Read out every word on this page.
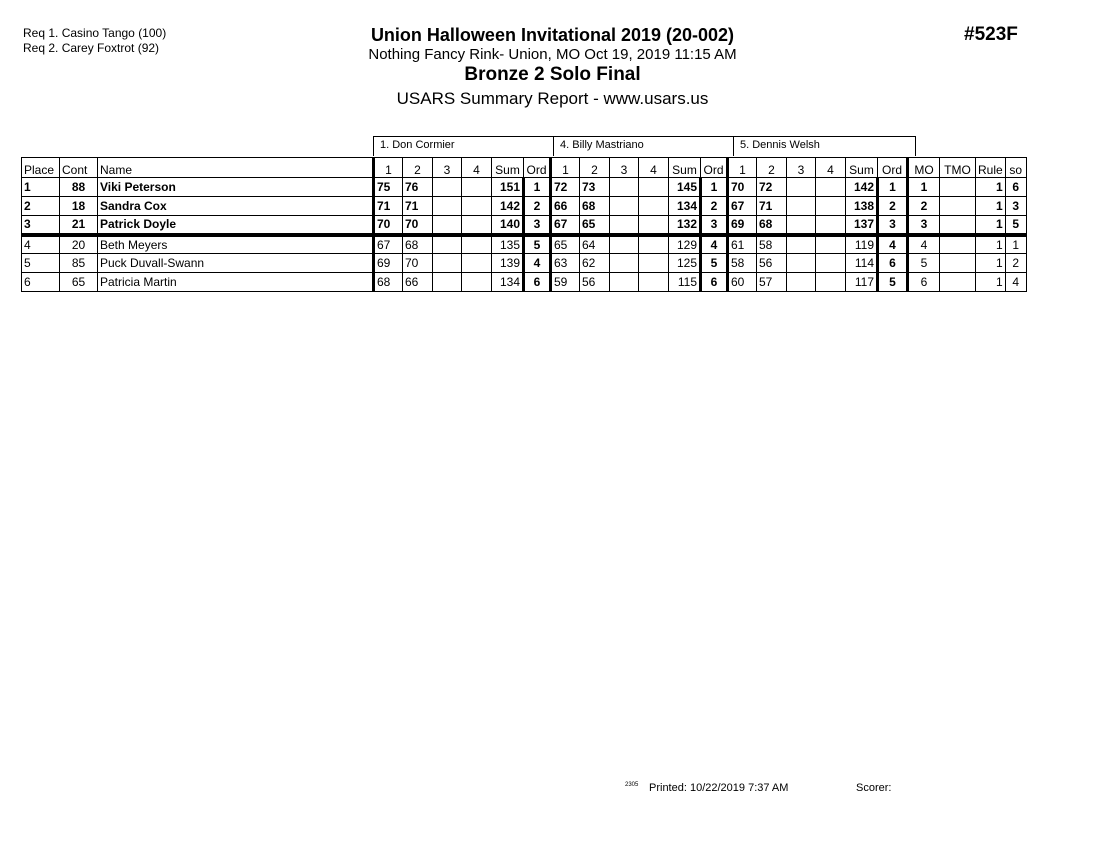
Req 1. Casino Tango (100)
Req 2. Carey Foxtrot (92)
Union Halloween Invitational 2019 (20-002)
Nothing Fancy Rink- Union, MO Oct 19, 2019 11:15 AM
Bronze 2 Solo Final
USARS Summary Report - www.usars.us
#523F
1. Don Cormier	4. Billy Mastriano	5. Dennis Welsh
Place	Cont	Name	1	2	3	4	Sum	Ord	1	2	3	4	Sum	Ord	1	2	3	4	Sum	Ord	MO	TMO	Rule	so
1	88	Viki Peterson	75	76			151	1	72	73			145	1	70	72			142	1	1		1	6
2	18	Sandra Cox	71	71			142	2	66	68			134	2	67	71			138	2	2		1	3
3	21	Patrick Doyle	70	70			140	3	67	65			132	3	69	68			137	3	3		1	5
4	20	Beth Meyers	67	68			135	5	65	64			129	4	61	58			119	4	4		1	1
5	85	Puck Duvall-Swann	69	70			139	4	63	62			125	5	58	56			114	6	5		1	2
6	65	Patricia Martin	68	66			134	6	59	56			115	6	60	57			117	5	6		1	4
2305 Printed: 10/22/2019 7:37 AM	Scorer:
